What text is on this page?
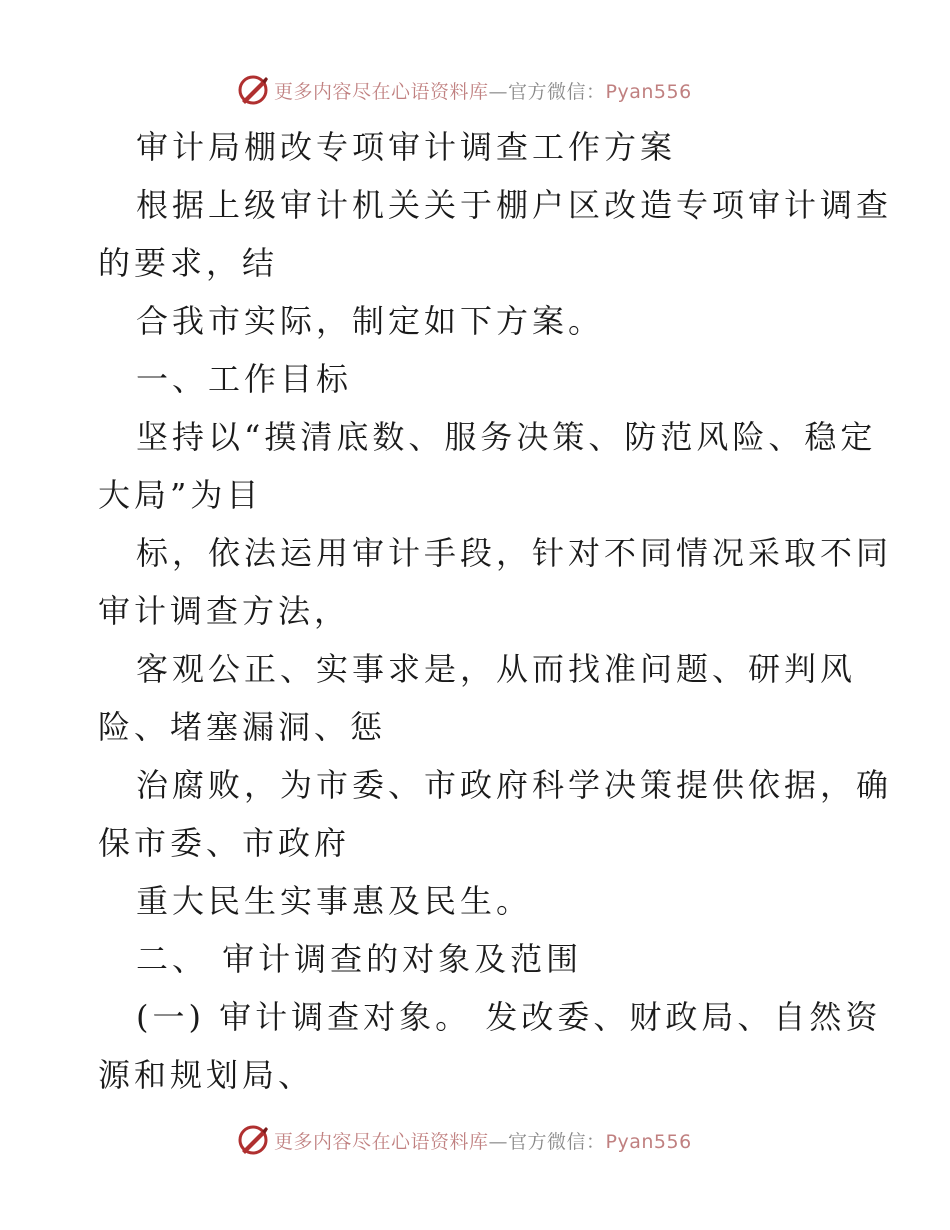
更多内容尽在心语资料库—官方微信：Pyan556
审计局棚改专项审计调查工作方案
根据上级审计机关关于棚户区改造专项审计调查
的要求，结
合我市实际，制定如下方案。
一、工作目标
坚持以“摸清底数、服务决策、防范风险、稳定
大局”为目
标，依法运用审计手段，针对不同情况采取不同
审计调查方法，
客观公正、实事求是，从而找准问题、研判风
险、堵塞漏洞、惩
治腐败，为市委、市政府科学决策提供依据，确
保市委、市政府
重大民生实事惠及民生。
二、 审计调查的对象及范围
(一) 审计调查对象。 发改委、财政局、自然资
源和规划局、
更多内容尽在心语资料库—官方微信：Pyan556
